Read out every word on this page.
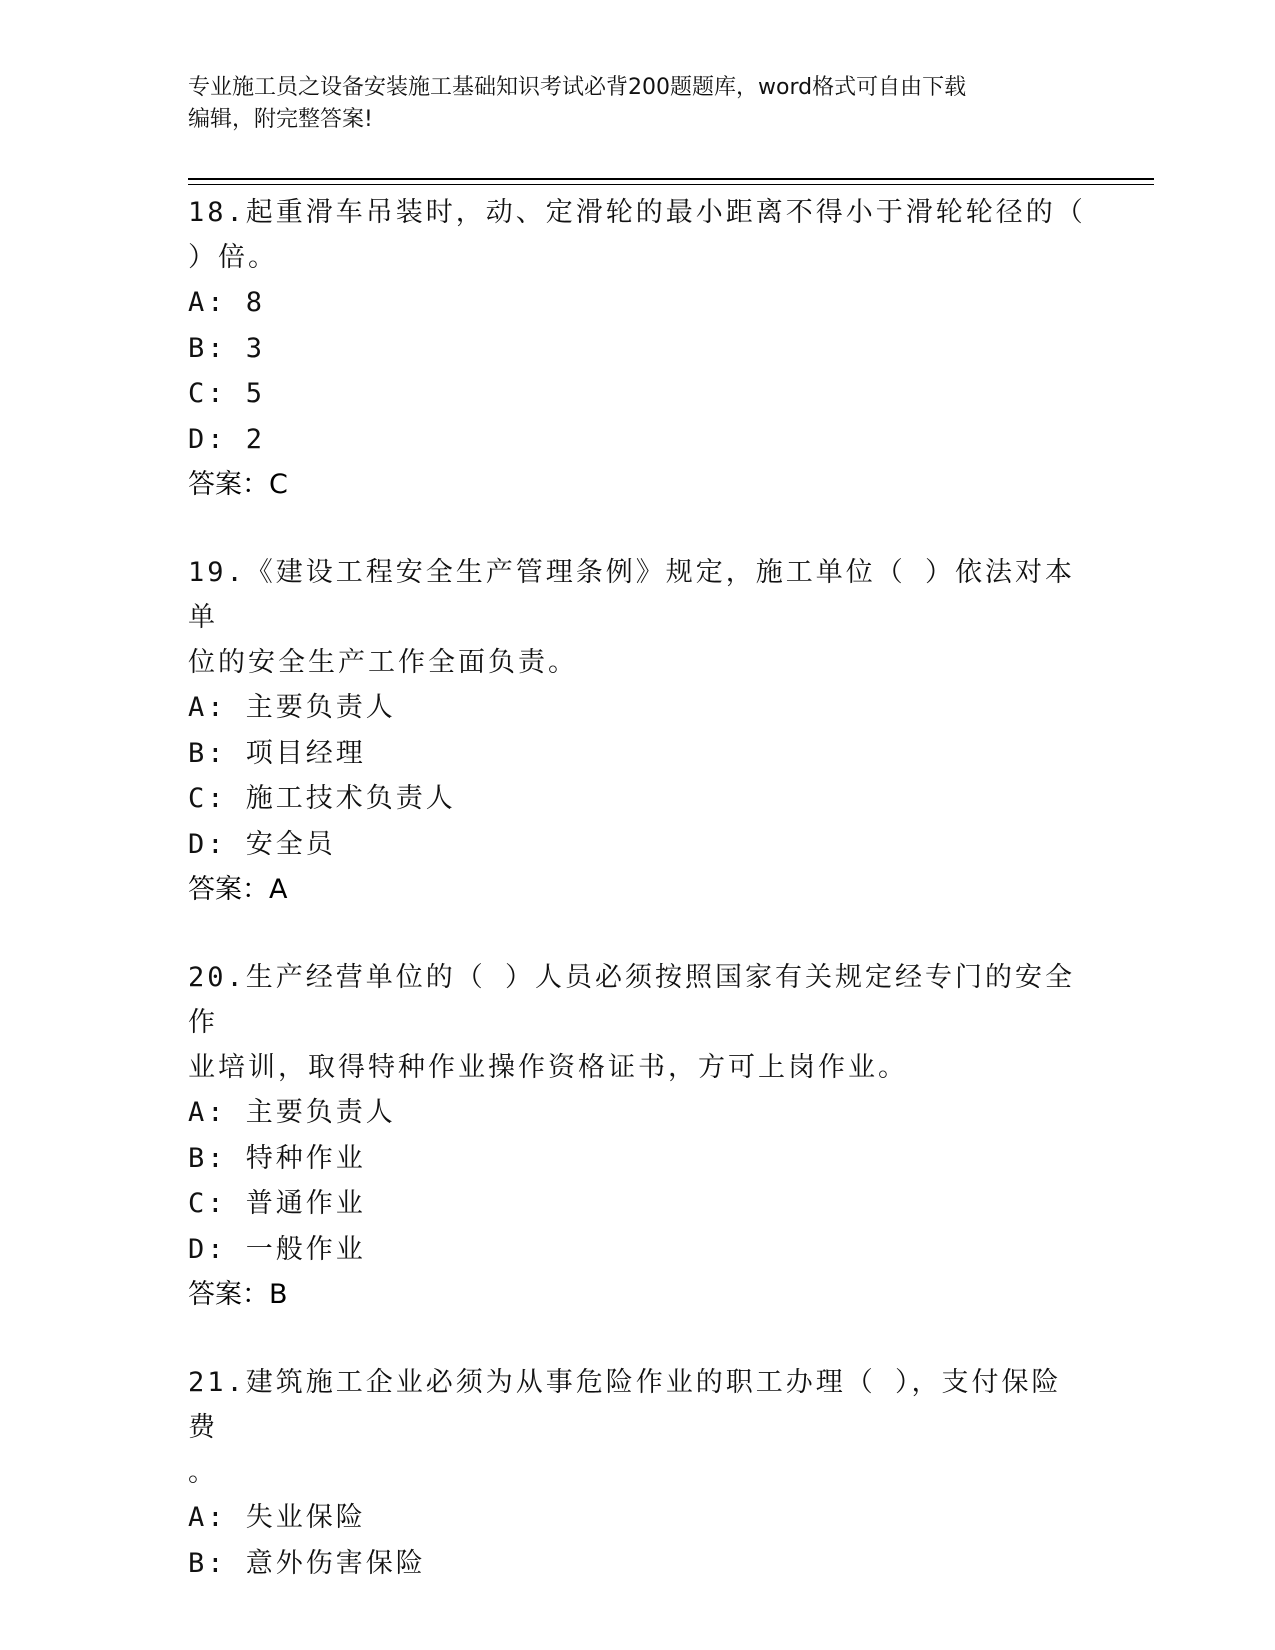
专业施工员之设备安装施工基础知识考试必背200题题库，word格式可自由下载
编辑，附完整答案!
18.起重滑车吊装时，动、定滑轮的最小距离不得小于滑轮轮径的（
）倍。
A: 8
B: 3
C: 5
D: 2
答案：C
19.《建设工程安全生产管理条例》规定，施工单位（ ）依法对本单
位的安全生产工作全面负责。
A: 主要负责人
B: 项目经理
C: 施工技术负责人
D: 安全员
答案：A
20.生产经营单位的（ ）人员必须按照国家有关规定经专门的安全作
业培训，取得特种作业操作资格证书，方可上岗作业。
A: 主要负责人
B: 特种作业
C: 普通作业
D: 一般作业
答案：B
21.建筑施工企业必须为从事危险作业的职工办理（ ），支付保险费
。
A: 失业保险
B: 意外伤害保险
